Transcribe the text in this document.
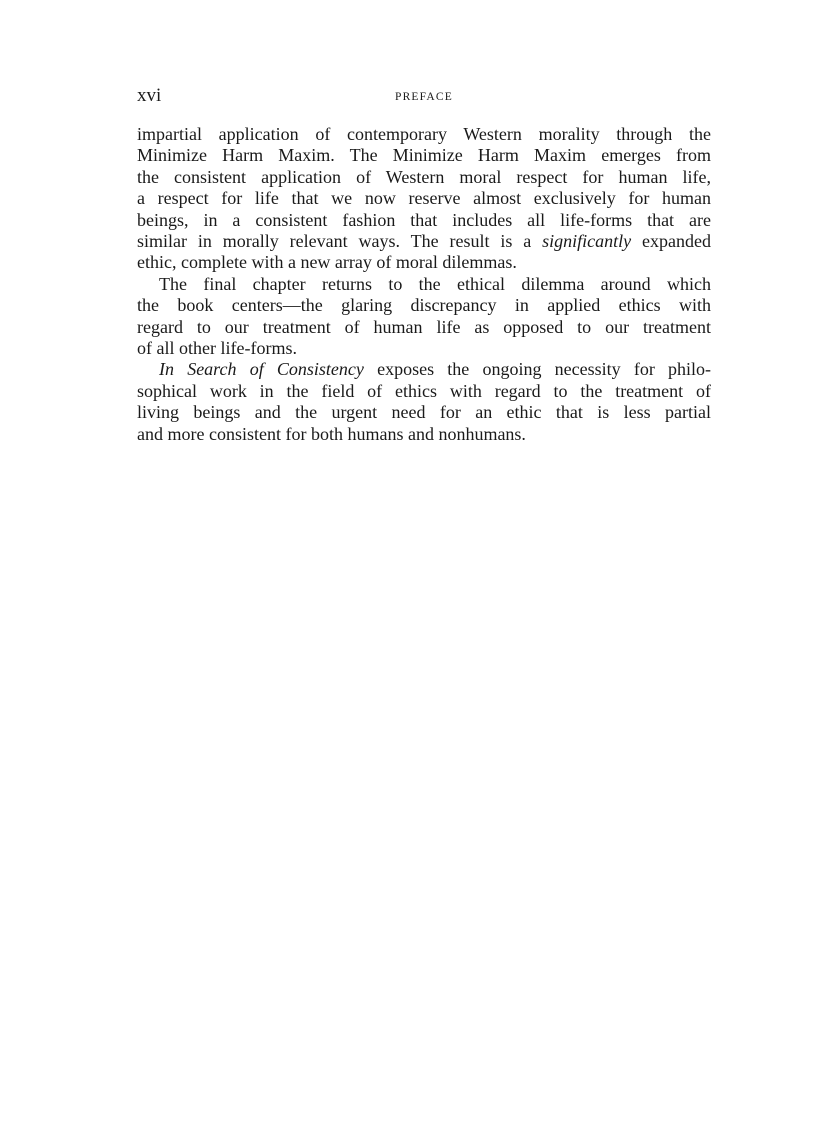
xvi	PREFACE

impartial application of contemporary Western morality through the
Minimize Harm Maxim. The Minimize Harm Maxim emerges from
the consistent application of Western moral respect for human life,
a respect for life that we now reserve almost exclusively for human
beings, in a consistent fashion that includes all life-forms that are
similar in morally relevant ways. The result is a significantly expanded
ethic, complete with a new array of moral dilemmas.

The final chapter returns to the ethical dilemma around which
the book centers—the glaring discrepancy in applied ethics with
regard to our treatment of human life as opposed to our treatment
of all other life-forms.

In Search of Consistency exposes the ongoing necessity for philo-
sophical work in the field of ethics with regard to the treatment of
living beings and the urgent need for an ethic that is less partial
and more consistent for both humans and nonhumans.
